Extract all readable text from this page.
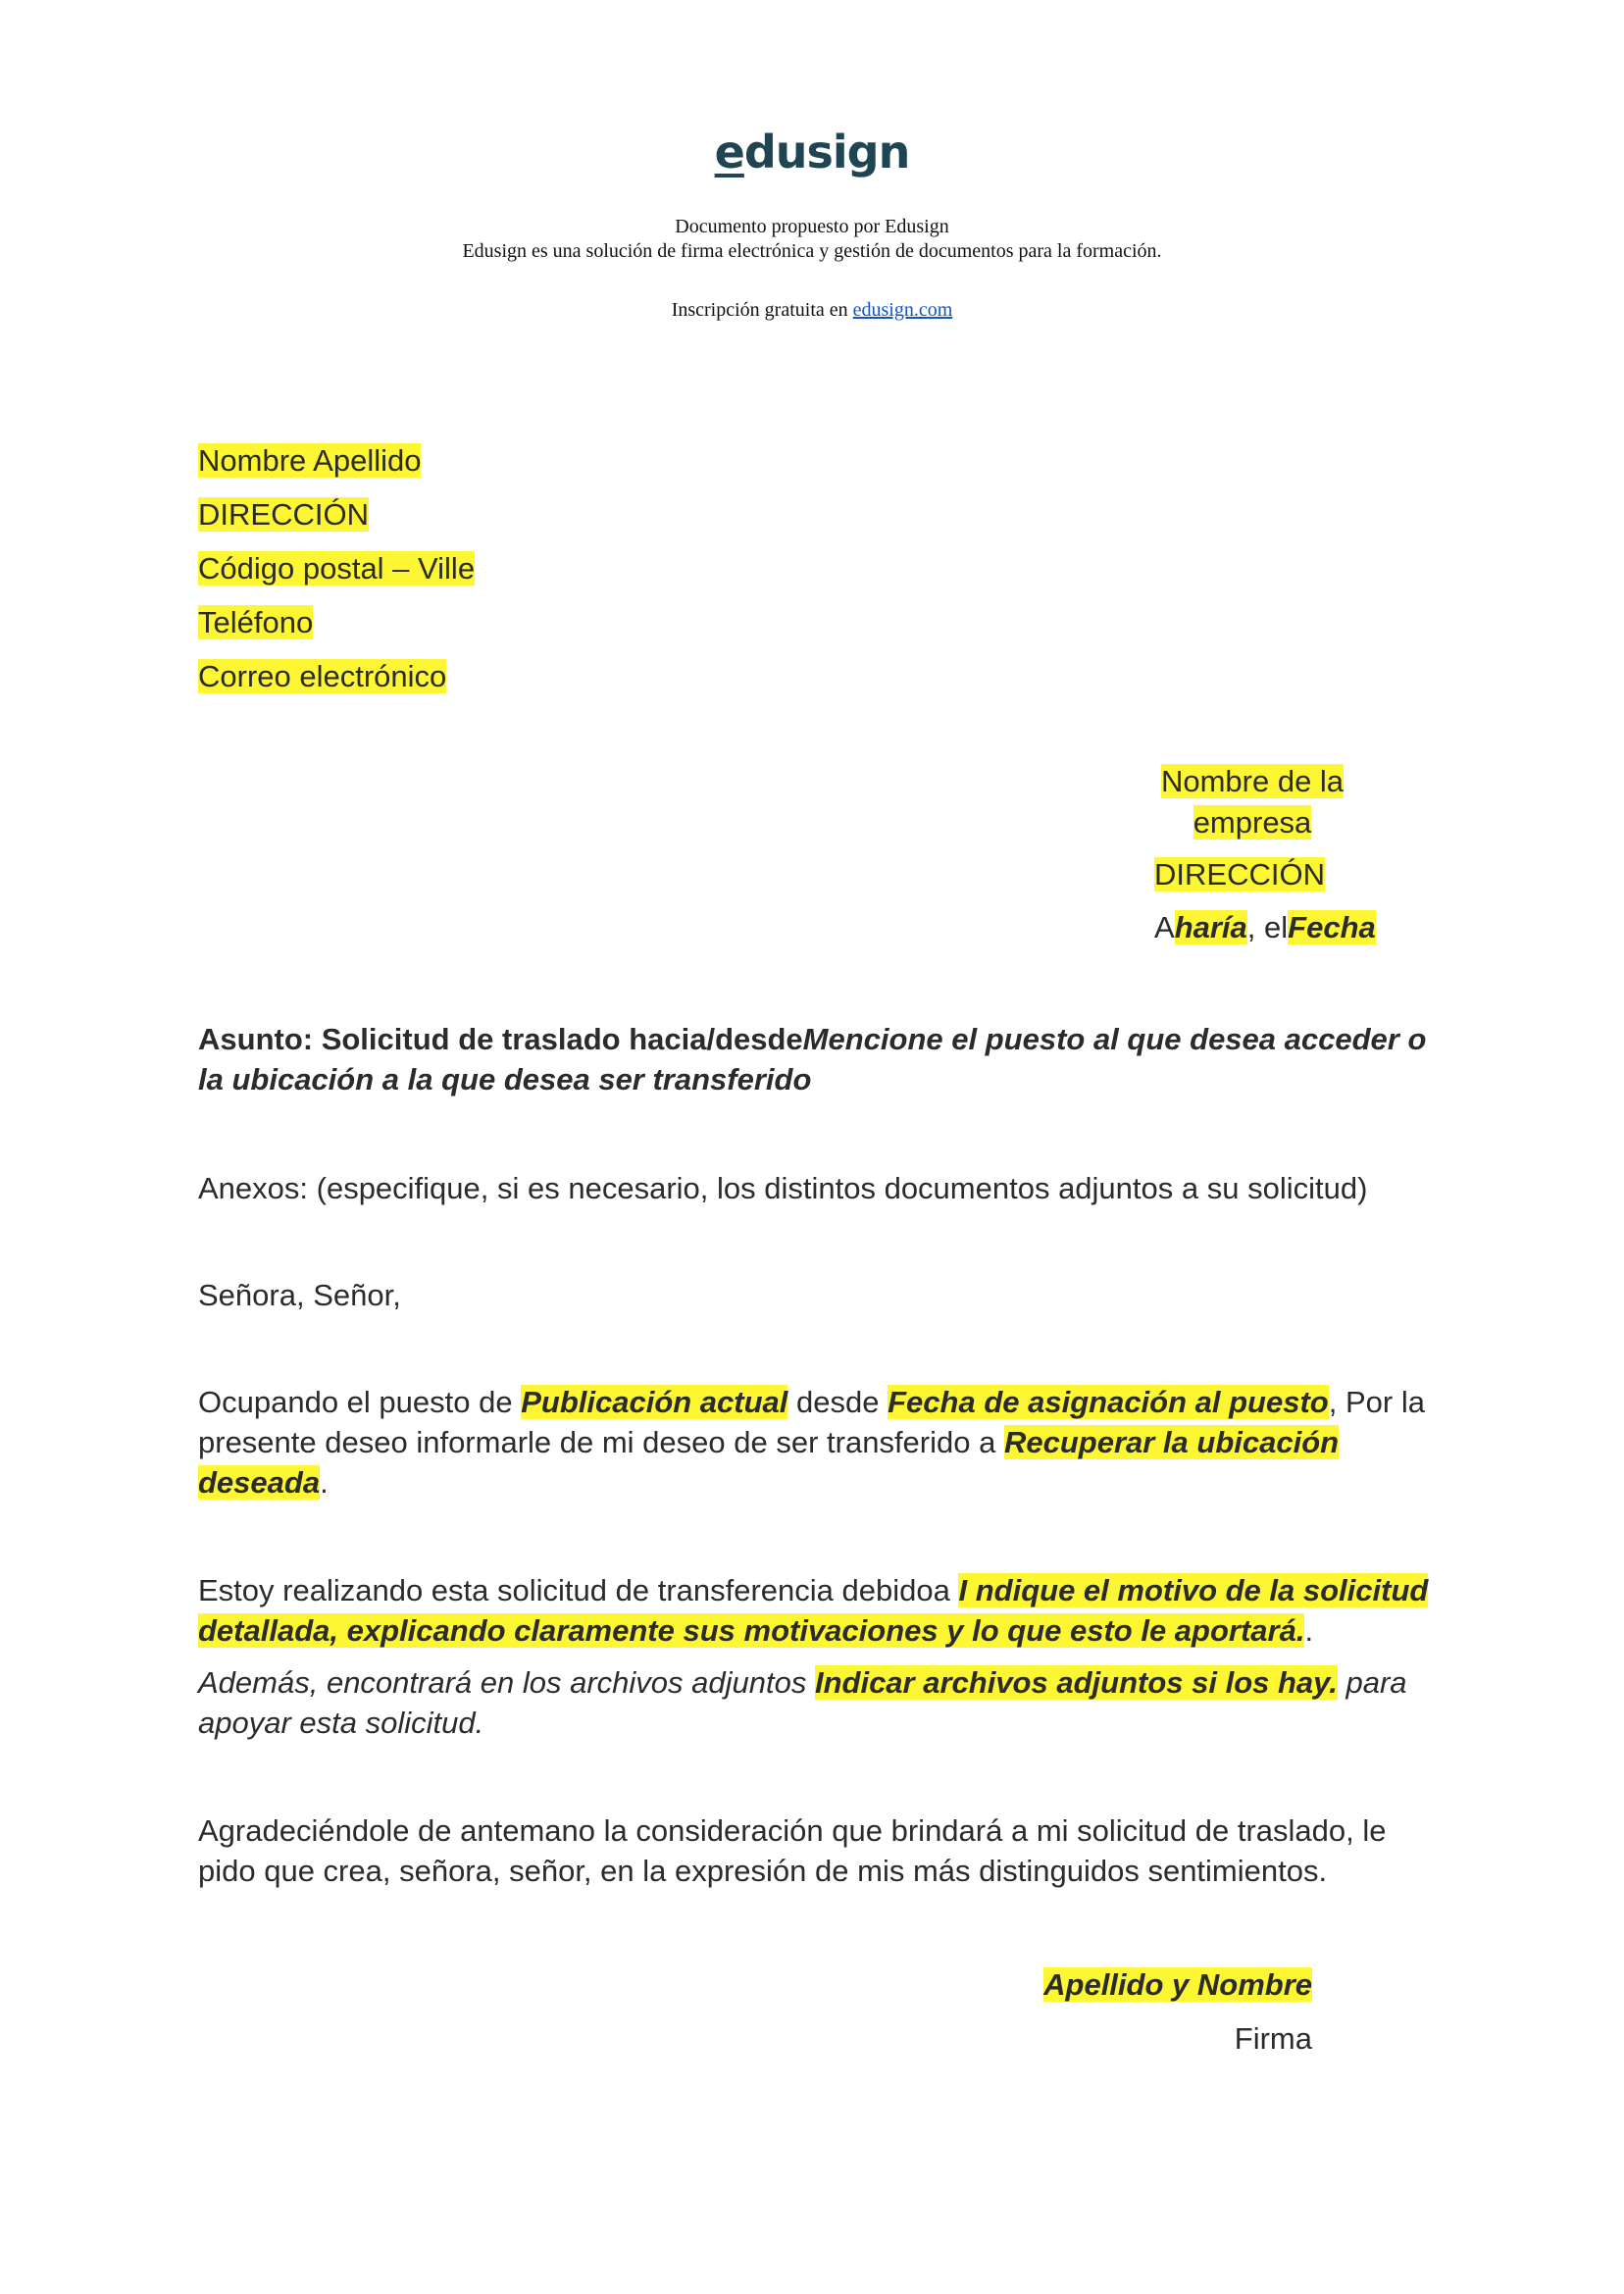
edusign
Documento propuesto por Edusign
Edusign es una solución de firma electrónica y gestión de documentos para la formación.
Inscripción gratuita en edusign.com
Nombre Apellido
DIRECCIÓN
Código postal – Ville
Teléfono
Correo electrónico
Nombre de la empresa
DIRECCIÓN
Aharía, elFecha
Asunto: Solicitud de traslado hacia/desdeMencione el puesto al que desea acceder o la ubicación a la que desea ser transferido
Anexos: (especifique, si es necesario, los distintos documentos adjuntos a su solicitud)
Señora, Señor,
Ocupando el puesto de Publicación actual desde Fecha de asignación al puesto, Por la presente deseo informarle de mi deseo de ser transferido a Recuperar la ubicación deseada.
Estoy realizando esta solicitud de transferencia debidoa I ndique el motivo de la solicitud detallada, explicando claramente sus motivaciones y lo que esto le aportará..
Además, encontrará en los archivos adjuntos Indicar archivos adjuntos si los hay. para apoyar esta solicitud.
Agradeciéndole de antemano la consideración que brindará a mi solicitud de traslado, le pido que crea, señora, señor, en la expresión de mis más distinguidos sentimientos.
Apellido y Nombre
Firma
